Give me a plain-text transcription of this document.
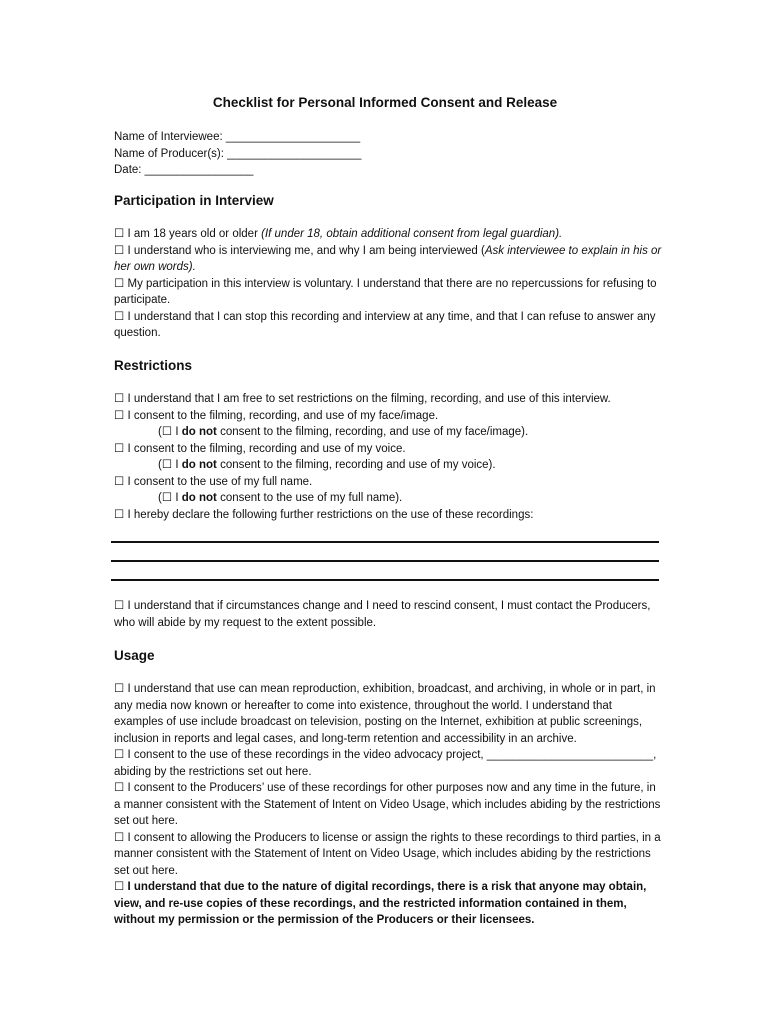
Checklist for Personal Informed Consent and Release

Name of Interviewee: _____________________

Name of Producer(s): _____________________

Date: _________________

Participation in Interview

☐ I am 18 years old or older (If under 18, obtain additional consent from legal guardian).

☐ I understand who is interviewing me, and why I am being interviewed (Ask interviewee to explain in his or her own words).

☐ My participation in this interview is voluntary. I understand that there are no repercussions for refusing to participate.

☐ I understand that I can stop this recording and interview at any time, and that I can refuse to answer any question.

Restrictions

☐ I understand that I am free to set restrictions on the filming, recording, and use of this interview.

☐ I consent to the filming, recording, and use of my face/image.

(☐ I do not consent to the filming, recording, and use of my face/image).

☐ I consent to the filming, recording and use of my voice.

(☐ I do not consent to the filming, recording and use of my voice).

☐ I consent to the use of my full name.

(☐ I do not consent to the use of my full name).

☐ I hereby declare the following further restrictions on the use of these recordings:

☐ I understand that if circumstances change and I need to rescind consent, I must contact the Producers, who will abide by my request to the extent possible.

Usage

☐ I understand that use can mean reproduction, exhibition, broadcast, and archiving, in whole or in part, in any media now known or hereafter to come into existence, throughout the world. I understand that examples of use include broadcast on television, posting on the Internet, exhibition at public screenings, inclusion in reports and legal cases, and long-term retention and accessibility in an archive.

☐ I consent to the use of these recordings in the video advocacy project, __________________________, abiding by the restrictions set out here.

☐ I consent to the Producers’ use of these recordings for other purposes now and any time in the future, in a manner consistent with the Statement of Intent on Video Usage, which includes abiding by the restrictions set out here.

☐ I consent to allowing the Producers to license or assign the rights to these recordings to third parties, in a manner consistent with the Statement of Intent on Video Usage, which includes abiding by the restrictions set out here.

☐ I understand that due to the nature of digital recordings, there is a risk that anyone may obtain, view, and re-use copies of these recordings, and the restricted information contained in them, without my permission or the permission of the Producers or their licensees.
